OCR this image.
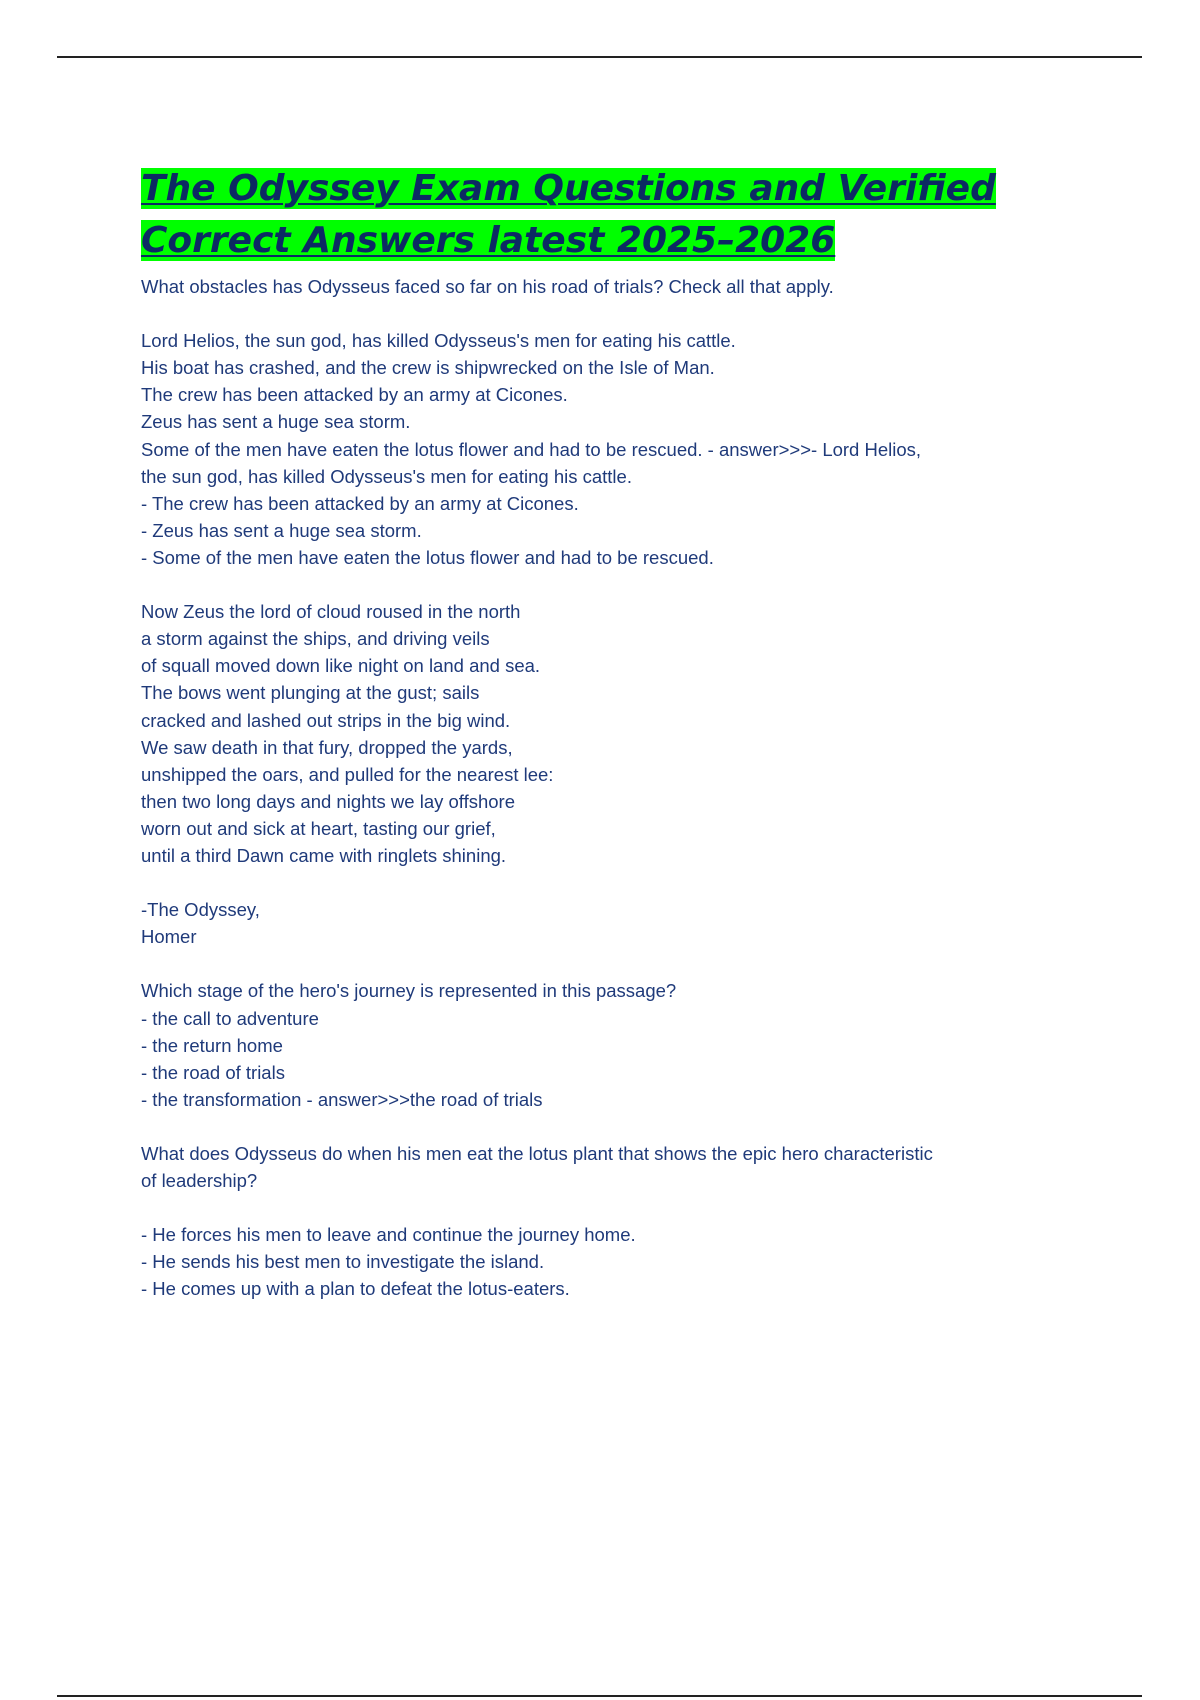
The Odyssey Exam Questions and Verified
Correct Answers latest 2025–2026
What obstacles has Odysseus faced so far on his road of trials? Check all that apply.
Lord Helios, the sun god, has killed Odysseus's men for eating his cattle.
His boat has crashed, and the crew is shipwrecked on the Isle of Man.
The crew has been attacked by an army at Cicones.
Zeus has sent a huge sea storm.
Some of the men have eaten the lotus flower and had to be rescued. - answer>>>- Lord Helios,
the sun god, has killed Odysseus's men for eating his cattle.
- The crew has been attacked by an army at Cicones.
- Zeus has sent a huge sea storm.
- Some of the men have eaten the lotus flower and had to be rescued.
Now Zeus the lord of cloud roused in the north
a storm against the ships, and driving veils
of squall moved down like night on land and sea.
The bows went plunging at the gust; sails
cracked and lashed out strips in the big wind.
We saw death in that fury, dropped the yards,
unshipped the oars, and pulled for the nearest lee:
then two long days and nights we lay offshore
worn out and sick at heart, tasting our grief,
until a third Dawn came with ringlets shining.
-The Odyssey,
Homer
Which stage of the hero's journey is represented in this passage?
- the call to adventure
- the return home
- the road of trials
- the transformation - answer>>>the road of trials
What does Odysseus do when his men eat the lotus plant that shows the epic hero characteristic
of leadership?
- He forces his men to leave and continue the journey home.
- He sends his best men to investigate the island.
- He comes up with a plan to defeat the lotus-eaters.
